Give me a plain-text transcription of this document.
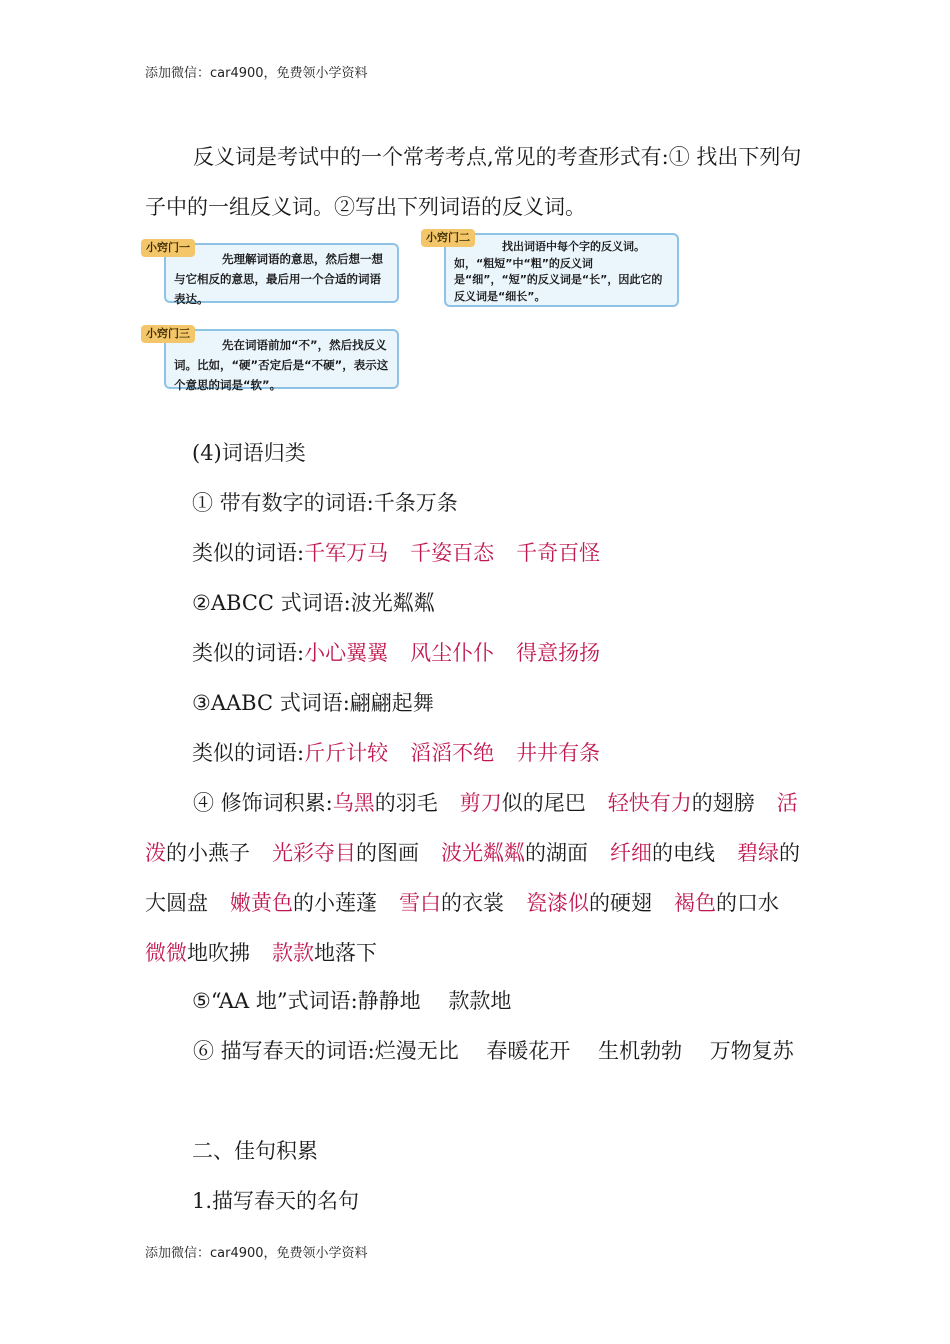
添加微信：car4900，免费领小学资料

反义词是考试中的一个常考考点,常见的考查形式有:① 找出下列句子中的一组反义词。②写出下列词语的反义词。

先理解词语的意思，然后想一想与它相反的意思，最后用一个合适的词语表达。
小窍门一	找出词语中每个字的反义词。如，“粗短”中“粗”的反义词是“细”，“短”的反义词是“长”，因此它的反义词是“细长”。
小窍门二
先在词语前加“不”，然后找反义词。比如，“硬”否定后是“不硬”，表示这个意思的词是“软”。
小窍门三
(4)词语归类
① 带有数字的词语:千条万条
类似的词语:千军万马 千姿百态 千奇百怪
②ABCC 式词语:波光粼粼
类似的词语:小心翼翼 风尘仆仆 得意扬扬
③AABC 式词语:翩翩起舞
类似的词语:斤斤计较 滔滔不绝 井井有条

④ 修饰词积累:乌黑的羽毛 剪刀似的尾巴 轻快有力的翅膀 活泼的小燕子 光彩夺目的图画 波光粼粼的湖面 纤细的电线 碧绿的大圆盘 嫩黄色的小莲蓬 雪白的衣裳 瓷漆似的硬翅 褐色的口水微微地吹拂 款款地落下

⑤“AA 地”式词语:静静地　 款款地

⑥ 描写春天的词语:烂漫无比　 春暖花开　 生机勃勃　 万物复苏

二、佳句积累
1.描写春天的名句
添加微信：car4900，免费领小学资料
